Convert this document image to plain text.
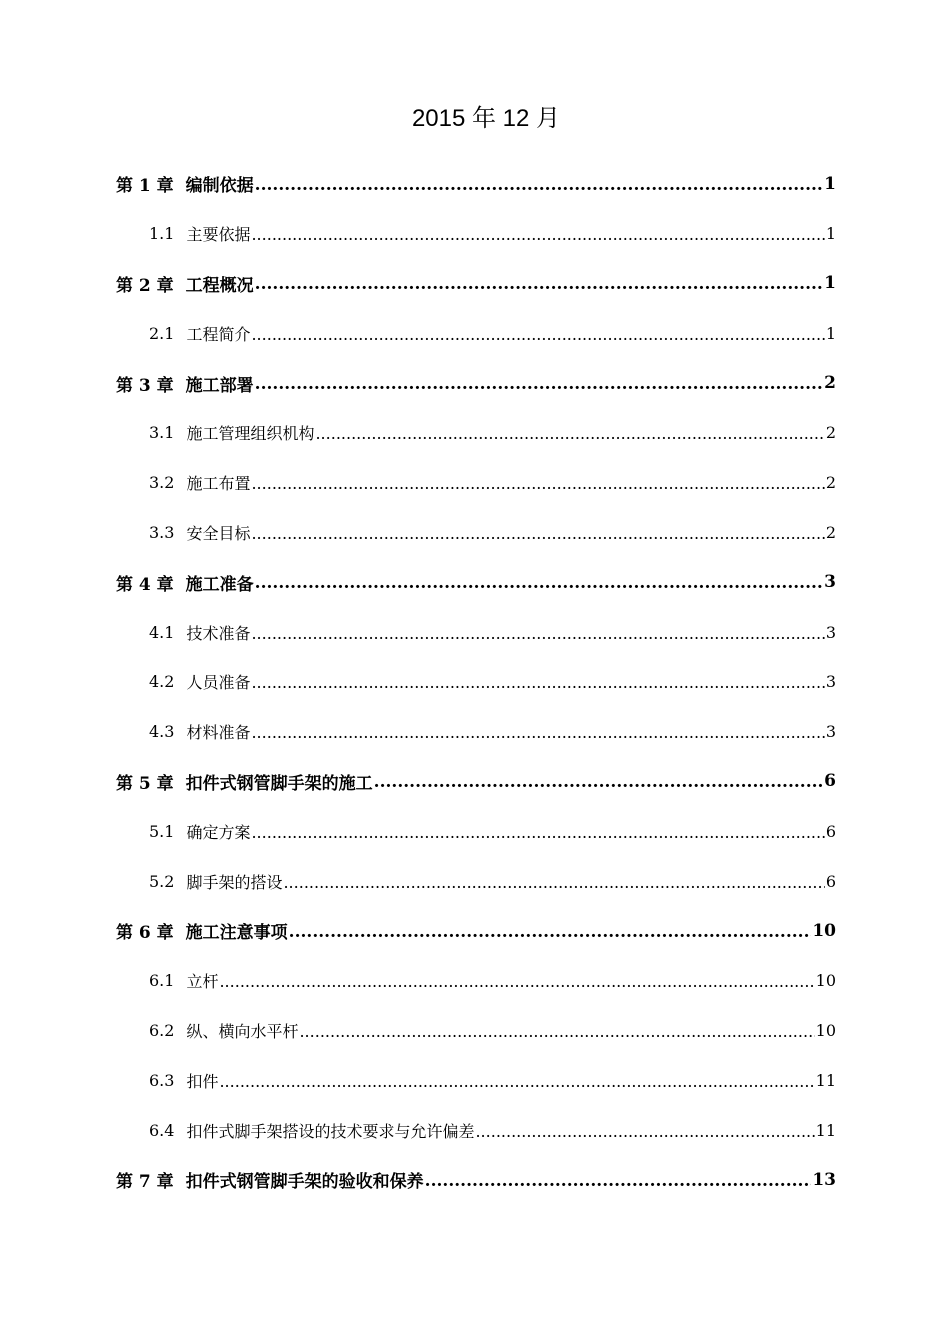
2015 年 12 月
第 1 章 编制依据 .....	1
1.1 主要依据 .....	1
第 2 章 工程概况 .....	1
2.1 工程简介 .....	1
第 3 章 施工部署 .....	2
3.1 施工管理组织机构 .....	2
3.2 施工布置 .....	2
3.3 安全目标 .....	2
第 4 章 施工准备 .....	3
4.1 技术准备 .....	3
4.2 人员准备 .....	3
4.3 材料准备 .....	3
第 5 章 扣件式钢管脚手架的施工 .....	6
5.1 确定方案 .....	6
5.2 脚手架的搭设 .....	6
第 6 章 施工注意事项 .....	10
6.1 立杆 .....	10
6.2 纵、横向水平杆 .....	10
6.3 扣件 .....	11
6.4 扣件式脚手架搭设的技术要求与允许偏差 .....	11
第 7 章 扣件式钢管脚手架的验收和保养 .....	13
